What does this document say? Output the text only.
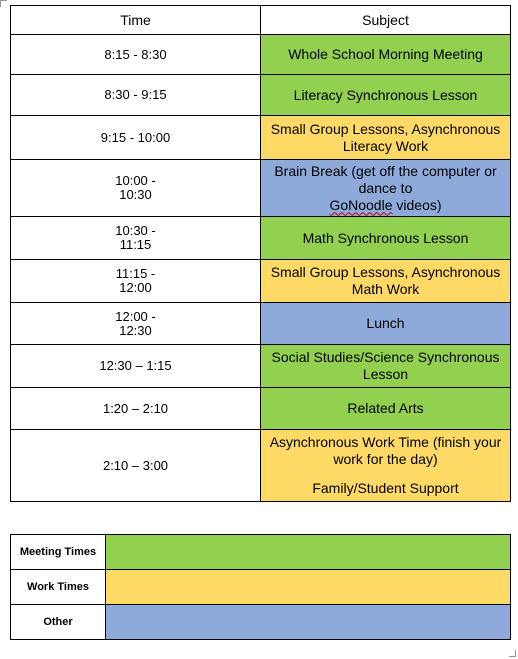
Time	Subject

8:15 - 8:30	Whole School Morning Meeting

8:30 - 9:15	Literacy Synchronous Lesson

9:15 - 10:00	Small Group Lessons, Asynchronous Literacy Work

10:00 -
10:30	Brain Break (get off the computer or dance to
GoNoodle videos)

10:30 -
11:15	Math Synchronous Lesson

11:15 -
12:00	Small Group Lessons, Asynchronous Math Work

12:00 -
12:30	Lunch

12:30 – 1:15	Social Studies/Science Synchronous Lesson

1:20 – 2:10	Related Arts

2:10 – 3:00	Asynchronous Work Time (finish your work for the day)
Family/Student Support
Meeting Times	
Work Times	
Other	
